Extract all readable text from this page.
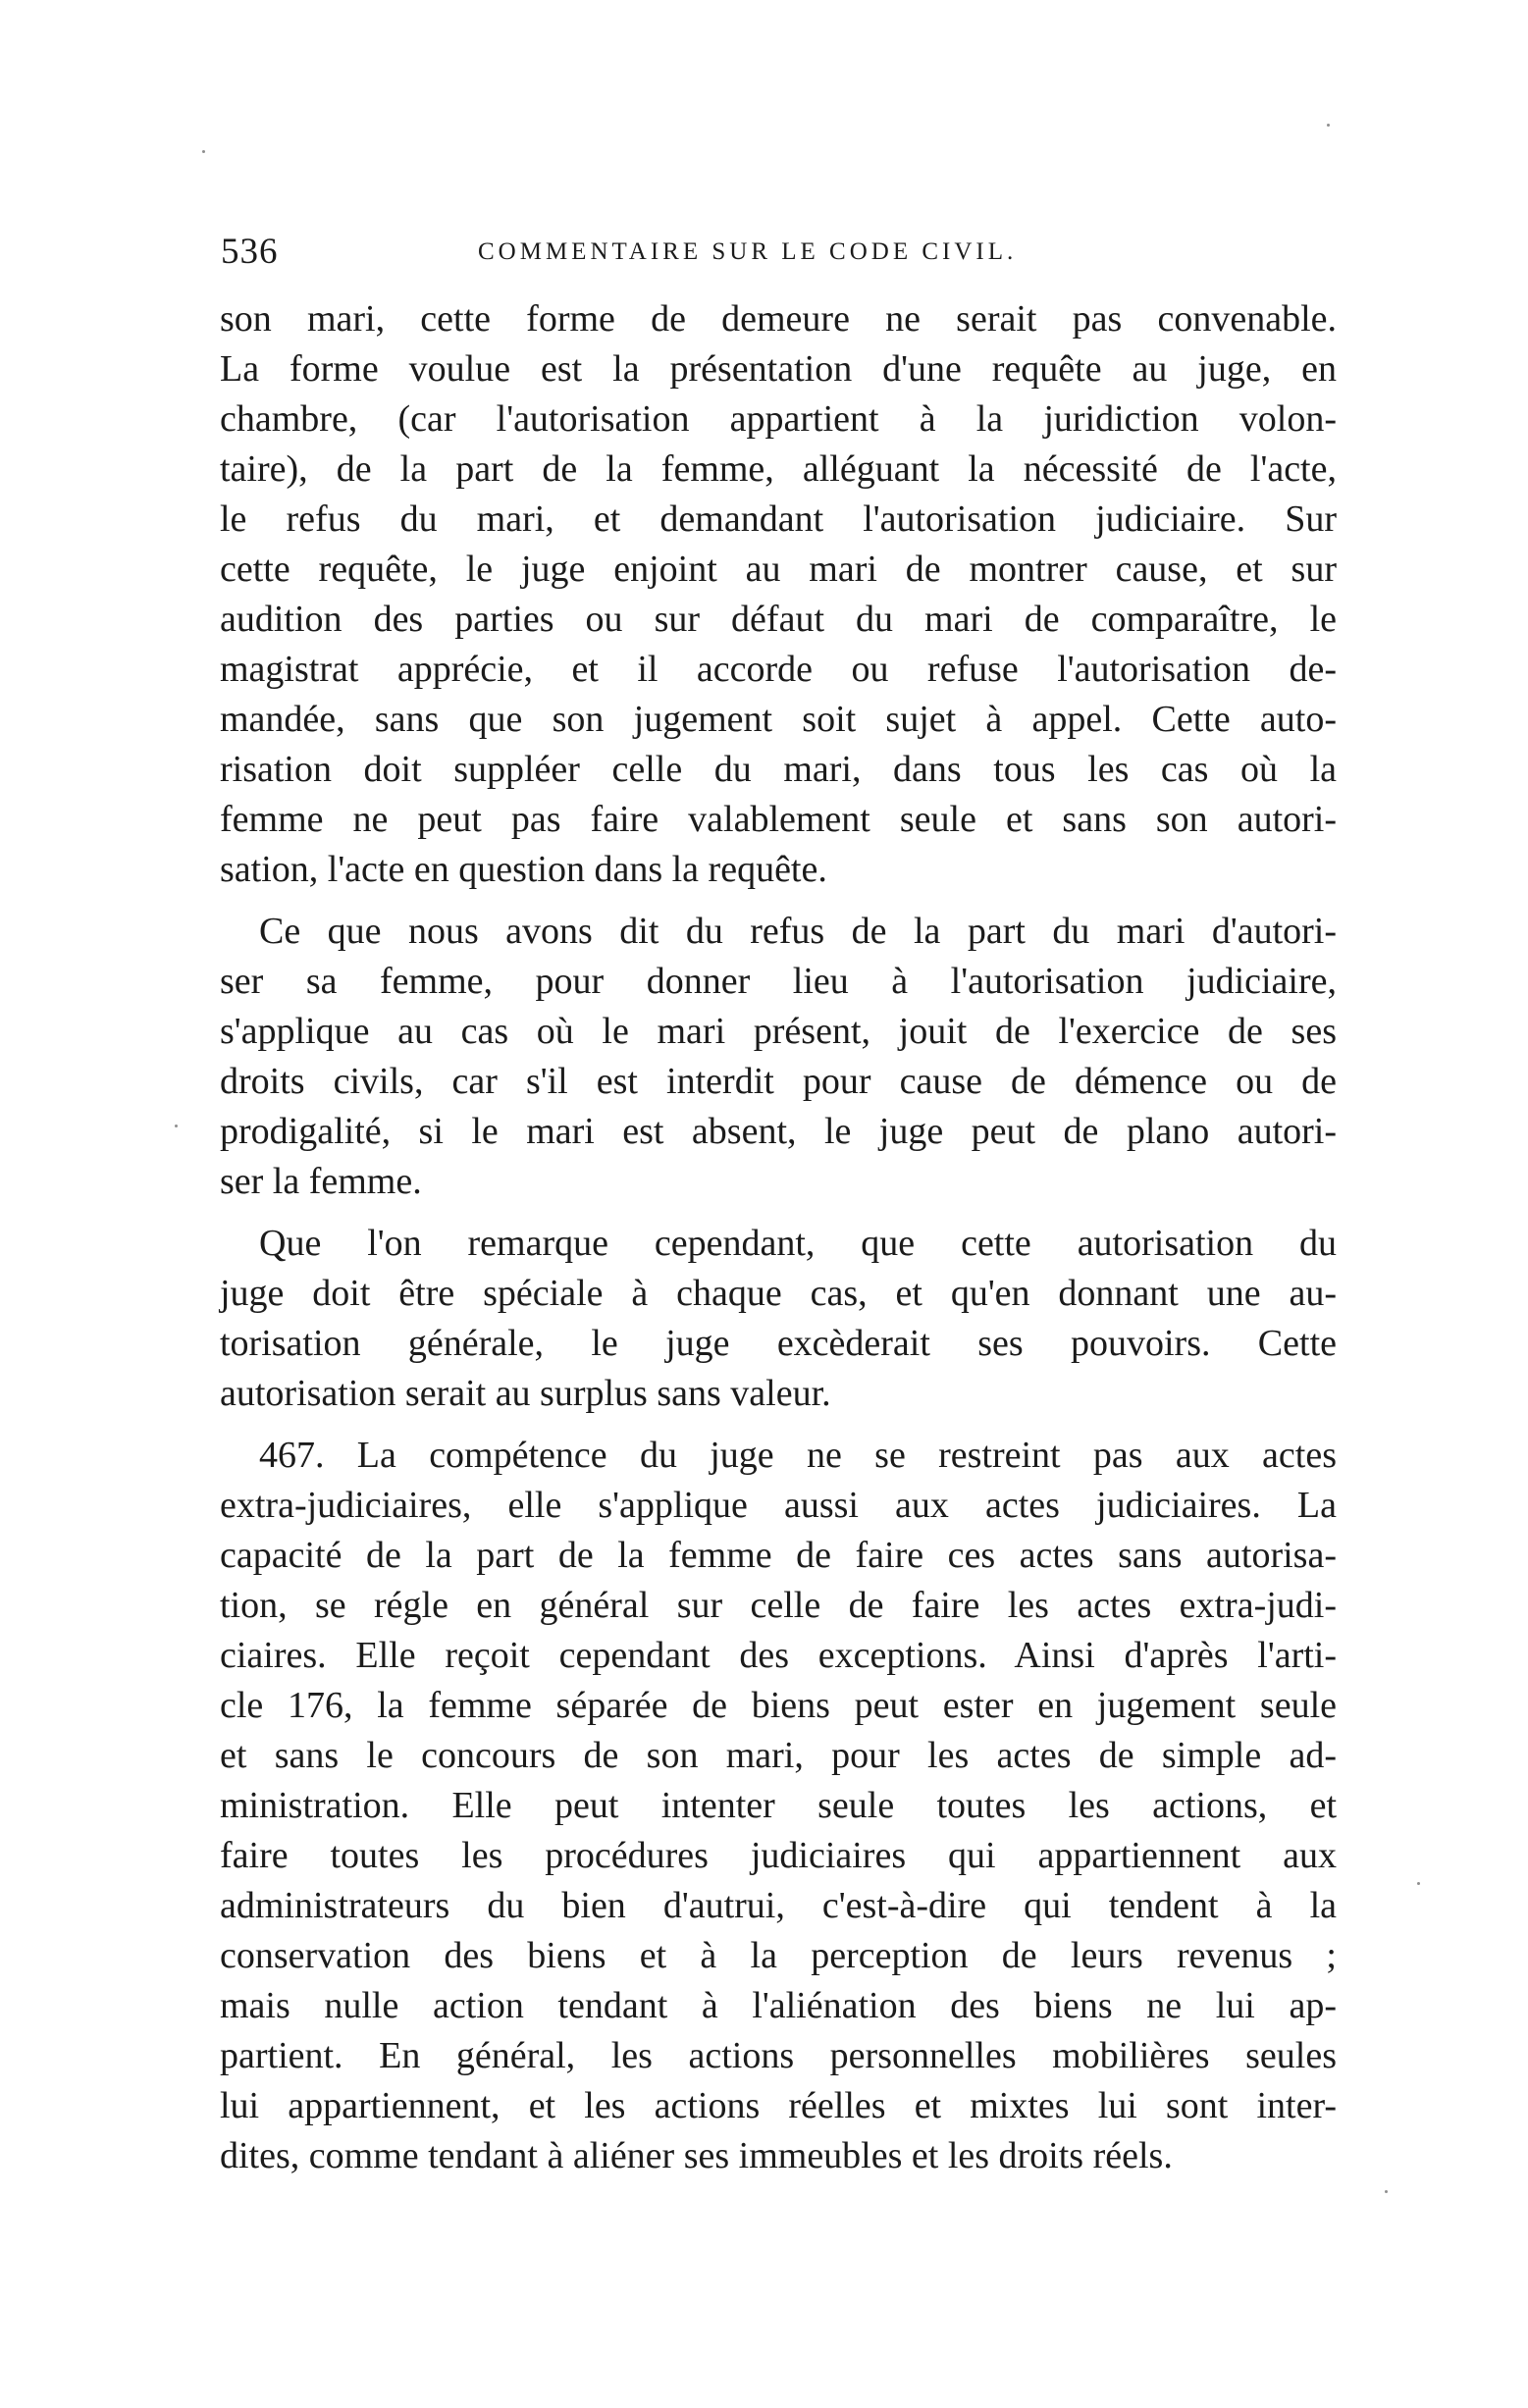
536	COMMENTAIRE SUR LE CODE CIVIL.
son mari, cette forme de demeure ne serait pas convenable.
La forme voulue est la présentation d'une requête au juge, en
chambre, (car l'autorisation appartient à la juridiction volon-
taire), de la part de la femme, alléguant la nécessité de l'acte,
le refus du mari, et demandant l'autorisation judiciaire. Sur
cette requête, le juge enjoint au mari de montrer cause, et sur
audition des parties ou sur défaut du mari de comparaître, le
magistrat apprécie, et il accorde ou refuse l'autorisation de-
mandée, sans que son jugement soit sujet à appel. Cette auto-
risation doit suppléer celle du mari, dans tous les cas où la
femme ne peut pas faire valablement seule et sans son autori-
sation, l'acte en question dans la requête.
Ce que nous avons dit du refus de la part du mari d'autori-
ser sa femme, pour donner lieu à l'autorisation judiciaire,
s'applique au cas où le mari présent, jouit de l'exercice de ses
droits civils, car s'il est interdit pour cause de démence ou de
prodigalité, si le mari est absent, le juge peut de plano autori-
ser la femme.
Que l'on remarque cependant, que cette autorisation du
juge doit être spéciale à chaque cas, et qu'en donnant une au-
torisation générale, le juge excèderait ses pouvoirs. Cette
autorisation serait au surplus sans valeur.
467. La compétence du juge ne se restreint pas aux actes
extra-judiciaires, elle s'applique aussi aux actes judiciaires. La
capacité de la part de la femme de faire ces actes sans autorisa-
tion, se régle en général sur celle de faire les actes extra-judi-
ciaires. Elle reçoit cependant des exceptions. Ainsi d'après l'arti-
cle 176, la femme séparée de biens peut ester en jugement seule
et sans le concours de son mari, pour les actes de simple ad-
ministration. Elle peut intenter seule toutes les actions, et
faire toutes les procédures judiciaires qui appartiennent aux
administrateurs du bien d'autrui, c'est-à-dire qui tendent à la
conservation des biens et à la perception de leurs revenus ;
mais nulle action tendant à l'aliénation des biens ne lui ap-
partient. En général, les actions personnelles mobilières seules
lui appartiennent, et les actions réelles et mixtes lui sont inter-
dites, comme tendant à aliéner ses immeubles et les droits réels.
